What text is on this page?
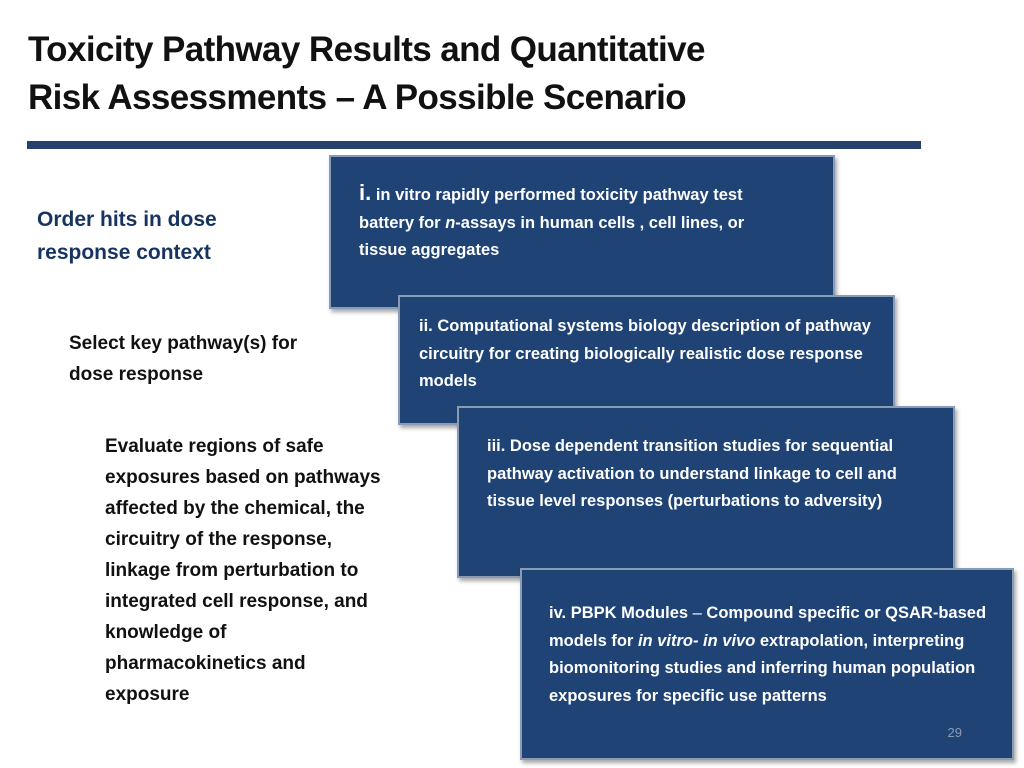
Toxicity Pathway Results and Quantitative
Risk Assessments – A Possible Scenario
Order hits in dose response context
Select key pathway(s) for dose response
Evaluate regions of safe exposures based on pathways affected by the chemical, the circuitry of the response, linkage from perturbation to integrated cell response, and knowledge of pharmacokinetics and exposure
i. in vitro rapidly performed toxicity pathway test battery for n-assays in human cells , cell lines, or tissue aggregates
ii. Computational systems biology description of pathway circuitry for creating biologically realistic dose response models
iii. Dose dependent transition studies for sequential pathway activation to understand linkage to cell and tissue level responses (perturbations to adversity)
iv. PBPK Modules – Compound specific or QSAR-based models for in vitro- in vivo extrapolation, interpreting biomonitoring studies and inferring human population exposures for specific use patterns
29
